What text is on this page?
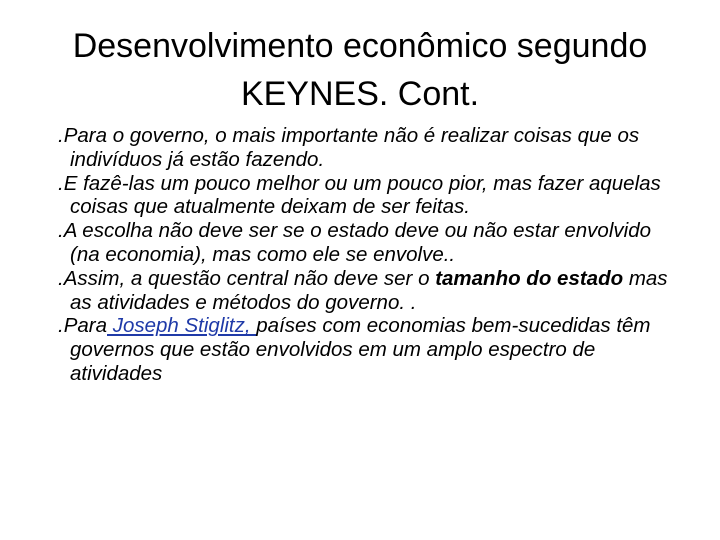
Desenvolvimento econômico segundo
KEYNES. Cont.

.Para o governo, o mais importante não é realizar coisas que os indivíduos já estão fazendo.

.E fazê-las um pouco melhor ou um pouco pior, mas fazer aquelas coisas que atualmente deixam de ser feitas.

.A escolha não deve ser se o estado deve ou não estar envolvido (na economia), mas como ele se envolve..

.Assim, a questão central não deve ser o tamanho do estado mas as atividades e métodos do governo. .

.Para Joseph Stiglitz, países com economias bem-sucedidas têm governos que estão envolvidos em um amplo espectro de atividades
